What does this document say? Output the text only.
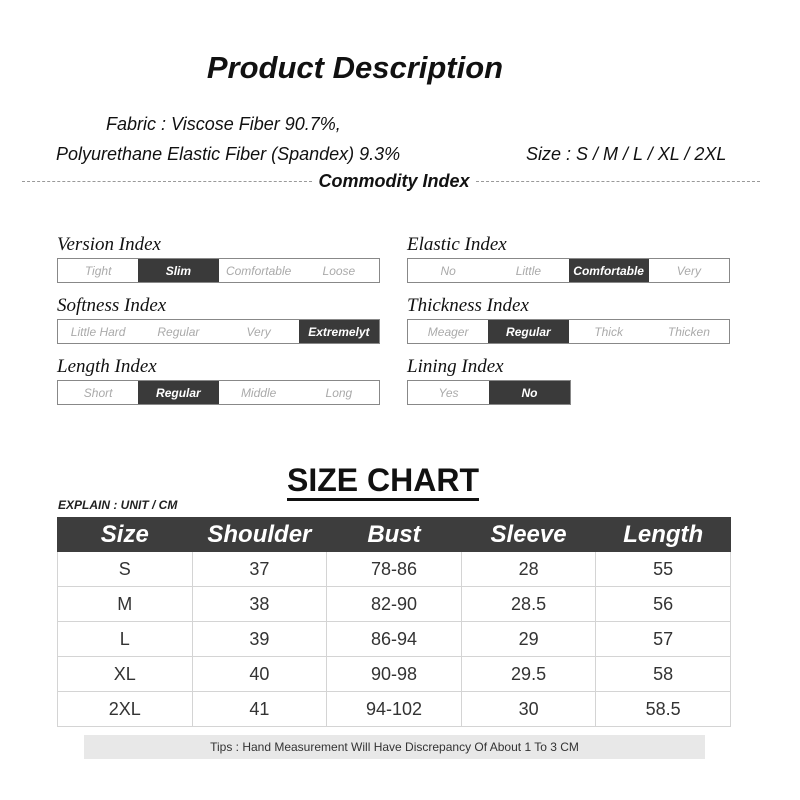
Product Description
Fabric : Viscose Fiber 90.7%,
Polyurethane Elastic Fiber (Spandex) 9.3%	Size : S / M / L / XL / 2XL
Commodity Index
Version Index
Tight	Slim	Comfortable	Loose
Elastic Index
No	Little	Comfortable	Very
Softness Index
Little Hard	Regular	Very	Extremelyt
Thickness Index
Meager	Regular	Thick	Thicken
Length Index
Short	Regular	Middle	Long
Lining Index
Yes	No
SIZE CHART
EXPLAIN : UNIT / CM
Size	Shoulder	Bust	Sleeve	Length
S	37	78-86	28	55
M	38	82-90	28.5	56
L	39	86-94	29	57
XL	40	90-98	29.5	58
2XL	41	94-102	30	58.5
Tips : Hand Measurement Will Have Discrepancy Of About 1 To 3 CM
